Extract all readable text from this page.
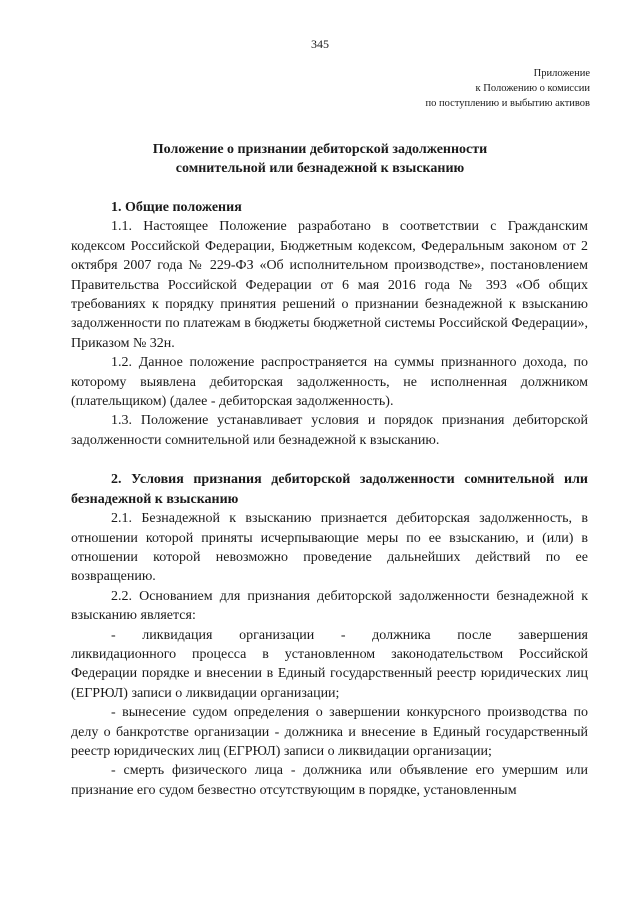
345
Приложение
к Положению о комиссии
по поступлению и выбытию активов
Положение о признании дебиторской задолженности
сомнительной или безнадежной к взысканию

1. Общие положения

1.1. Настоящее Положение разработано в соответствии с Гражданским кодексом Российской Федерации, Бюджетным кодексом, Федеральным законом от 2 октября 2007 года № 229-ФЗ «Об исполнительном производстве», постановлением Правительства Российской Федерации от 6 мая 2016 года № 393 «Об общих требованиях к порядку принятия решений о признании безнадежной к взысканию задолженности по платежам в бюджеты бюджетной системы Российской Федерации», Приказом № 32н.

1.2. Данное положение распространяется на суммы признанного дохода, по которому выявлена дебиторская задолженность, не исполненная должником (плательщиком) (далее - дебиторская задолженность).

1.3. Положение устанавливает условия и порядок признания дебиторской задолженности сомнительной или безнадежной к взысканию.

2. Условия признания дебиторской задолженности сомнительной или безнадежной к взысканию

2.1. Безнадежной к взысканию признается дебиторская задолженность, в отношении которой приняты исчерпывающие меры по ее взысканию, и (или) в отношении которой невозможно проведение дальнейших действий по ее возвращению.

2.2. Основанием для признания дебиторской задолженности безнадежной к взысканию является:

- ликвидация организации - должника после завершения

ликвидационного процесса в установленном законодательством Российской Федерации порядке и внесении в Единый государственный реестр юридических лиц (ЕГРЮЛ) записи о ликвидации организации;

- вынесение судом определения о завершении конкурсного производства по делу о банкротстве организации - должника и внесение в Единый государственный реестр юридических лиц (ЕГРЮЛ) записи о ликвидации организации;

- смерть физического лица - должника или объявление его умершим или признание его судом безвестно отсутствующим в порядке, установленным
